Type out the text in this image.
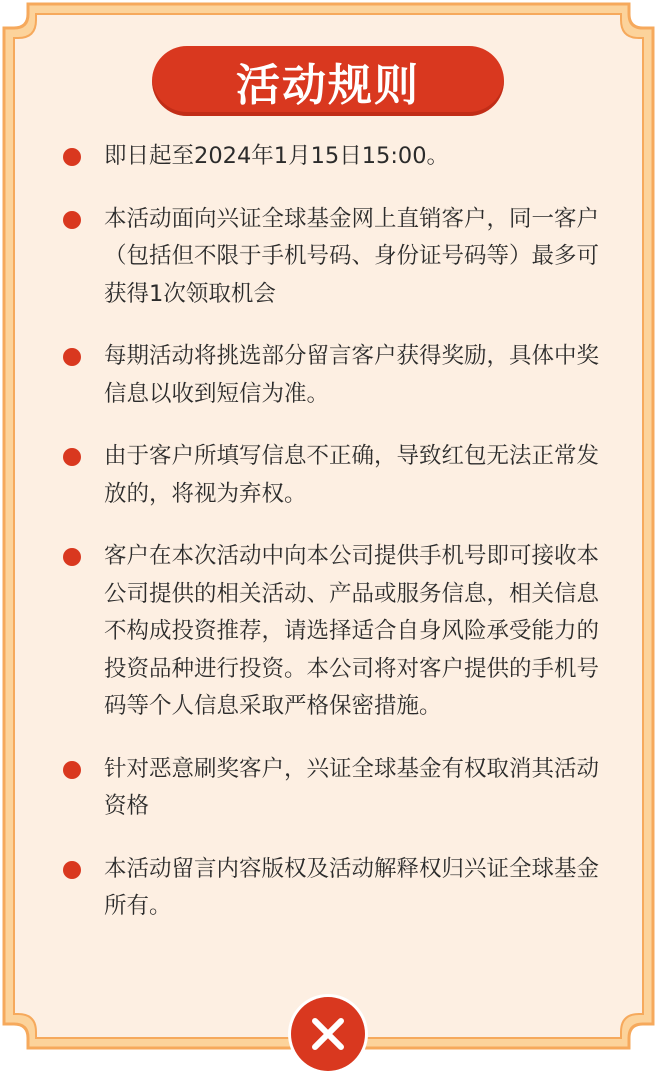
活动规则
即日起至2024年1月15日15:00。
本活动面向兴证全球基金网上直销客户，同一客户（包括但不限于手机号码、身份证号码等）最多可获得1次领取机会
每期活动将挑选部分留言客户获得奖励，具体中奖信息以收到短信为准。
由于客户所填写信息不正确，导致红包无法正常发放的，将视为弃权。
客户在本次活动中向本公司提供手机号即可接收本公司提供的相关活动、产品或服务信息，相关信息不构成投资推荐，请选择适合自身风险承受能力的投资品种进行投资。本公司将对客户提供的手机号码等个人信息采取严格保密措施。
针对恶意刷奖客户，兴证全球基金有权取消其活动资格
本活动留言内容版权及活动解释权归兴证全球基金所有。
